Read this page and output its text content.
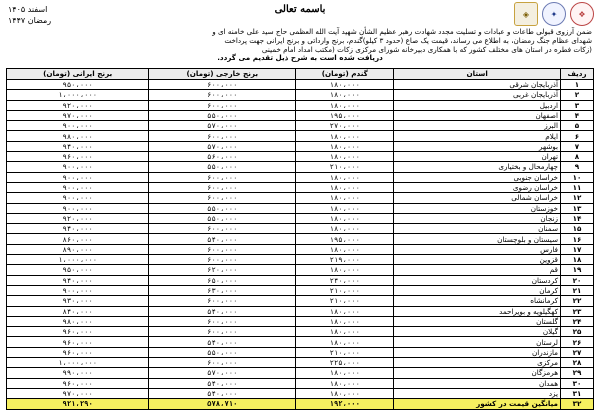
اسفند ۱۴۰۵
رمضان ۱۴۴۷
باسمه تعالی	◈	✦	❖

ضمن آرزوی قبولی طاعات و عبادات و تسلیت مجدد شهادت رهبر عظیم الشأن شهید آیت الله العظمی حاج سید علی خامنه ای و

شهدای عظام جنگ رمضان، به اطلاع می رساند، قیمت یک صاع (حدود ۳ کیلو)گندم، برنج وارداتی و برنج ایرانی جهت پرداخت

(زکات فطره در استان های مختلف کشور که با همکاری دبیرخانه شورای مرکزی زکات (مکتب امداد امام خمینی

دریافت شده است به شرح ذیل تقدیم می گردد.

ردیف	استان	گندم (تومان)	برنج خارجی (تومان)	برنج ایرانی (تومان)
۱	آذربایجان شرقی	۱۸۰،۰۰۰	۶۰۰،۰۰۰	۹۵۰،۰۰۰
۲	آذربایجان غربی	۱۸۰،۰۰۰	۶۰۰،۰۰۰	۱،۰۰۰،۰۰۰
۳	اردبیل	۱۸۰،۰۰۰	۶۰۰،۰۰۰	۹۲۰،۰۰۰
۴	اصفهان	۱۹۵،۰۰۰	۵۵۰،۰۰۰	۹۷۰،۰۰۰
۵	البرز	۲۷۰،۰۰۰	۵۷۰،۰۰۰	۹۰۰،۰۰۰
۶	ایلام	۱۸۰،۰۰۰	۶۰۰،۰۰۰	۹۸۰،۰۰۰
۷	بوشهر	۱۸۰،۰۰۰	۵۷۰،۰۰۰	۹۴۰،۰۰۰
۸	تهران	۱۸۰،۰۰۰	۵۶۰،۰۰۰	۹۶۰،۰۰۰
۹	چهارمحال و بختیاری	۲۱۰،۰۰۰	۵۵۰،۰۰۰	۹۰۰،۰۰۰
۱۰	خراسان جنوبی	۱۸۰،۰۰۰	۶۰۰،۰۰۰	۹۰۰،۰۰۰
۱۱	خراسان رضوی	۱۸۰،۰۰۰	۶۰۰،۰۰۰	۹۰۰،۰۰۰
۱۲	خراسان شمالی	۱۸۰،۰۰۰	۶۰۰،۰۰۰	۹۰۰،۰۰۰
۱۳	خوزستان	۱۸۰،۰۰۰	۵۵۰،۰۰۰	۹۰۰،۰۰۰
۱۴	زنجان	۱۸۰،۰۰۰	۵۵۰،۰۰۰	۹۲۰،۰۰۰
۱۵	سمنان	۱۸۰،۰۰۰	۶۰۰،۰۰۰	۹۴۰،۰۰۰
۱۶	سیستان و بلوچستان	۱۹۵،۰۰۰	۵۴۰،۰۰۰	۸۶۰،۰۰۰
۱۷	فارس	۱۸۰،۰۰۰	۶۰۰،۰۰۰	۸۹۰،۰۰۰
۱۸	قزوین	۲۱۹،۰۰۰	۶۰۰،۰۰۰	۱،۰۰۰،۰۰۰
۱۹	قم	۱۸۰،۰۰۰	۶۲۰،۰۰۰	۹۵۰،۰۰۰
۲۰	کردستان	۲۴۰،۰۰۰	۶۵۰،۰۰۰	۹۴۰،۰۰۰
۲۱	کرمان	۲۱۰،۰۰۰	۶۳۰،۰۰۰	۹۰۰،۰۰۰
۲۲	کرمانشاه	۲۱۰،۰۰۰	۶۰۰،۰۰۰	۹۳۰،۰۰۰
۲۳	کهگیلویه و بویراحمد	۱۸۰،۰۰۰	۵۴۰،۰۰۰	۸۴۰،۰۰۰
۲۴	گلستان	۱۸۰،۰۰۰	۶۰۰،۰۰۰	۹۸۰،۰۰۰
۲۵	گیلان	۱۸۰،۰۰۰	۶۰۰،۰۰۰	۹۶۰،۰۰۰
۲۶	لرستان	۱۸۰،۰۰۰	۵۴۰،۰۰۰	۹۶۰،۰۰۰
۲۷	مازندران	۲۱۰،۰۰۰	۵۵۰،۰۰۰	۹۶۰،۰۰۰
۲۸	مرکزی	۲۲۵،۰۰۰	۶۰۰،۰۰۰	۱،۰۰۰،۰۰۰
۲۹	هرمزگان	۱۸۰،۰۰۰	۵۷۰،۰۰۰	۹۹۰،۰۰۰
۳۰	همدان	۱۸۰،۰۰۰	۵۴۰،۰۰۰	۹۶۰،۰۰۰
۳۱	یزد	۱۸۰،۰۰۰	۵۴۰،۰۰۰	۹۷۰،۰۰۰
۳۲	میانگین قیمت در کشور	۱۹۲،۰۰۰	۵۷۸،۷۱۰	۹۲۱،۲۹۰
